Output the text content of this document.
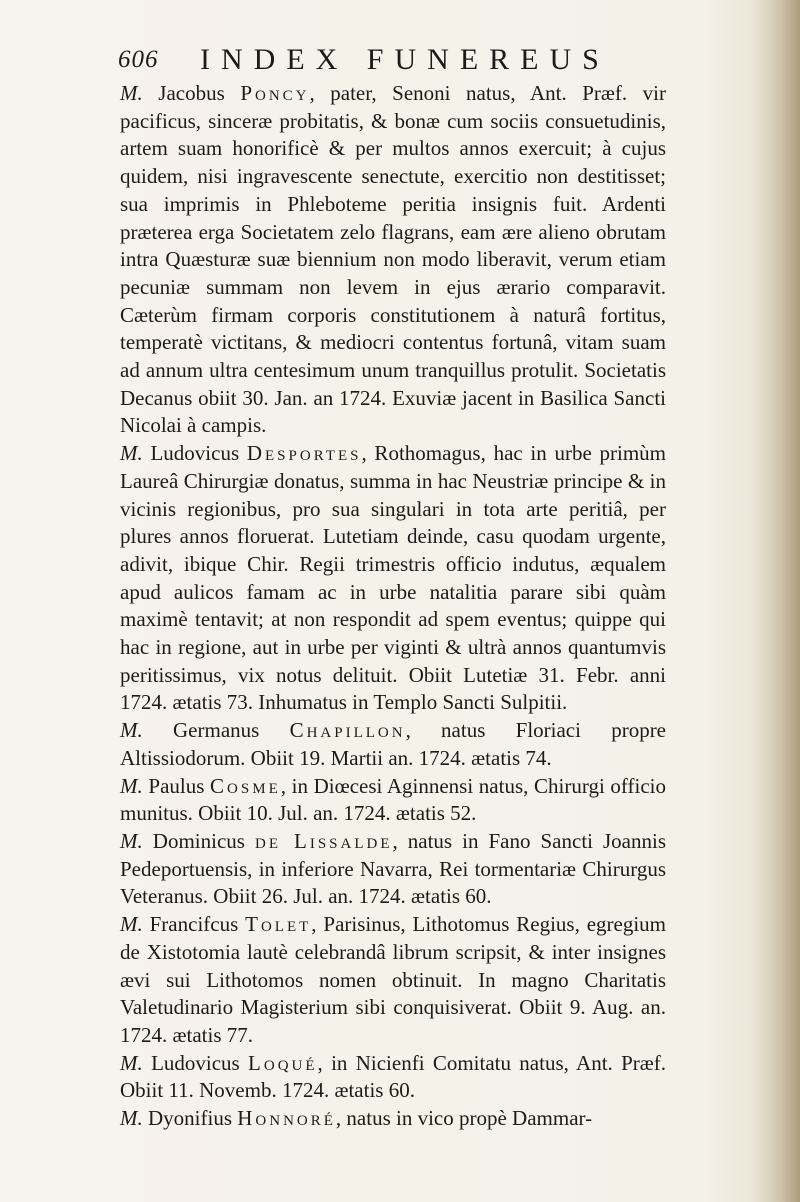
606 INDEX FUNEREUS

M. Jacobus Poncy, pater, Senoni natus, Ant. Præf. vir pacificus, sinceræ probitatis, & bonæ cum sociis consuetudinis, artem suam honorificè & per multos annos exercuit; à cujus quidem, nisi ingravescente senectute, exercitio non destitisset; sua imprimis in Phleboteme peritia insignis fuit. Ardenti præterea erga Societatem zelo flagrans, eam ære alieno obrutam intra Quæsturæ suæ biennium non modo liberavit, verum etiam pecuniæ summam non levem in ejus ærario comparavit. Cæterùm firmam corporis constitutionem à naturâ fortitus, temperatè victitans, & mediocri contentus fortunâ, vitam suam ad annum ultra centesimum unum tranquillus protulit. Societatis Decanus obiit 30. Jan. an 1724. Exuviæ jacent in Basilica Sancti Nicolai à campis.

M. Ludovicus Desportes, Rothomagus, hac in urbe primùm Laureâ Chirurgiæ donatus, summa in hac Neustriæ principe & in vicinis regionibus, pro sua singulari in tota arte peritiâ, per plures annos floruerat. Lutetiam deinde, casu quodam urgente, adivit, ibique Chir. Regii trimestris officio indutus, æqualem apud aulicos famam ac in urbe natalitia parare sibi quàm maximè tentavit; at non respondit ad spem eventus; quippe qui hac in regione, aut in urbe per viginti & ultrà annos quantumvis peritissimus, vix notus delituit. Obiit Lutetiæ 31. Febr. anni 1724. ætatis 73. Inhumatus in Templo Sancti Sulpitii.

M. Germanus Chapillon, natus Floriaci propre Altissiodorum. Obiit 19. Martii an. 1724. ætatis 74.

M. Paulus Cosme, in Diœcesi Aginnensi natus, Chirurgi officio munitus. Obiit 10. Jul. an. 1724. ætatis 52.

M. Dominicus de Lissalde, natus in Fano Sancti Joannis Pedeportuensis, in inferiore Navarra, Rei tormentariæ Chirurgus Veteranus. Obiit 26. Jul. an. 1724. ætatis 60.

M. Francifcus Tolet, Parisinus, Lithotomus Regius, egregium de Xistotomia lautè celebrandâ librum scripsit, & inter insignes ævi sui Lithotomos nomen obtinuit. In magno Charitatis Valetudinario Magisterium sibi conquisiverat. Obiit 9. Aug. an. 1724. ætatis 77.

M. Ludovicus Loqué, in Nicienfi Comitatu natus, Ant. Præf. Obiit 11. Novemb. 1724. ætatis 60.

M. Dyonifius Honnoré, natus in vico propè Dammar-
